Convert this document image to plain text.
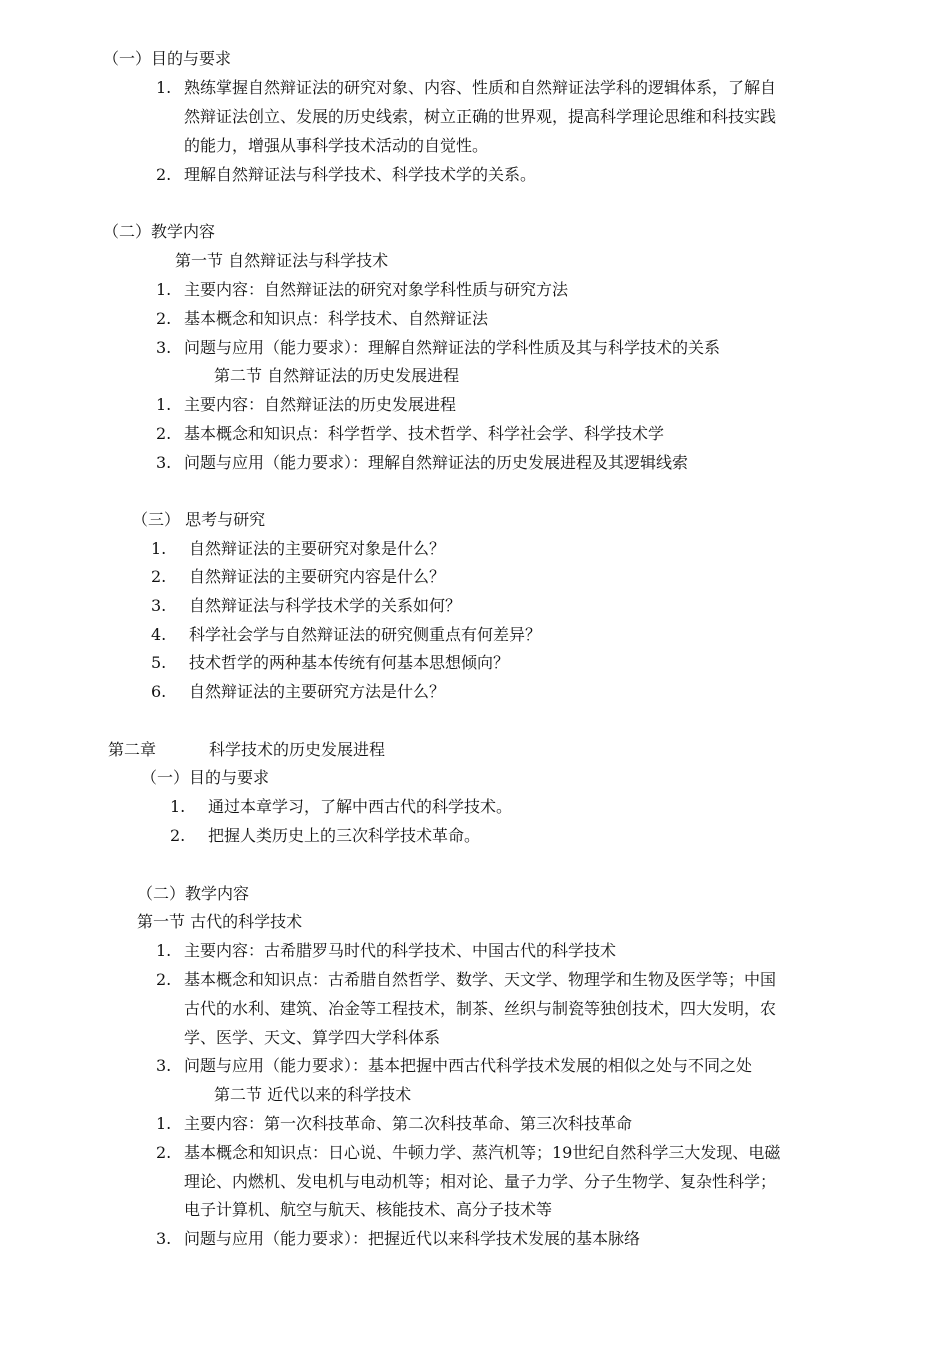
（一）目的与要求
1. 熟练掌握自然辩证法的研究对象、内容、性质和自然辩证法学科的逻辑体系，了解自
然辩证法创立、发展的历史线索，树立正确的世界观，提高科学理论思维和科技实践
的能力，增强从事科学技术活动的自觉性。
2. 理解自然辩证法与科学技术、科学技术学的关系。
（二）教学内容
第一节 自然辩证法与科学技术
1. 主要内容：自然辩证法的研究对象学科性质与研究方法
2. 基本概念和知识点：科学技术、自然辩证法
3. 问题与应用（能力要求）：理解自然辩证法的学科性质及其与科学技术的关系
第二节 自然辩证法的历史发展进程
1. 主要内容：自然辩证法的历史发展进程
2. 基本概念和知识点：科学哲学、技术哲学、科学社会学、科学技术学
3. 问题与应用（能力要求）：理解自然辩证法的历史发展进程及其逻辑线索
（三） 思考与研究
1. 自然辩证法的主要研究对象是什么？
2. 自然辩证法的主要研究内容是什么？
3. 自然辩证法与科学技术学的关系如何？
4. 科学社会学与自然辩证法的研究侧重点有何差异？
5. 技术哲学的两种基本传统有何基本思想倾向？
6. 自然辩证法的主要研究方法是什么？
第二章	科学技术的历史发展进程
（一）目的与要求
1. 通过本章学习，了解中西古代的科学技术。
2. 把握人类历史上的三次科学技术革命。
（二）教学内容
第一节 古代的科学技术
1. 主要内容：古希腊罗马时代的科学技术、中国古代的科学技术
2. 基本概念和知识点：古希腊自然哲学、数学、天文学、物理学和生物及医学等；中国
古代的水利、建筑、冶金等工程技术，制茶、丝织与制瓷等独创技术，四大发明，农
学、医学、天文、算学四大学科体系
3. 问题与应用（能力要求）：基本把握中西古代科学技术发展的相似之处与不同之处
第二节 近代以来的科学技术
1. 主要内容：第一次科技革命、第二次科技革命、第三次科技革命
2. 基本概念和知识点：日心说、牛顿力学、蒸汽机等；19世纪自然科学三大发现、电磁
理论、内燃机、发电机与电动机等；相对论、量子力学、分子生物学、复杂性科学；
电子计算机、航空与航天、核能技术、高分子技术等
3. 问题与应用（能力要求）：把握近代以来科学技术发展的基本脉络
